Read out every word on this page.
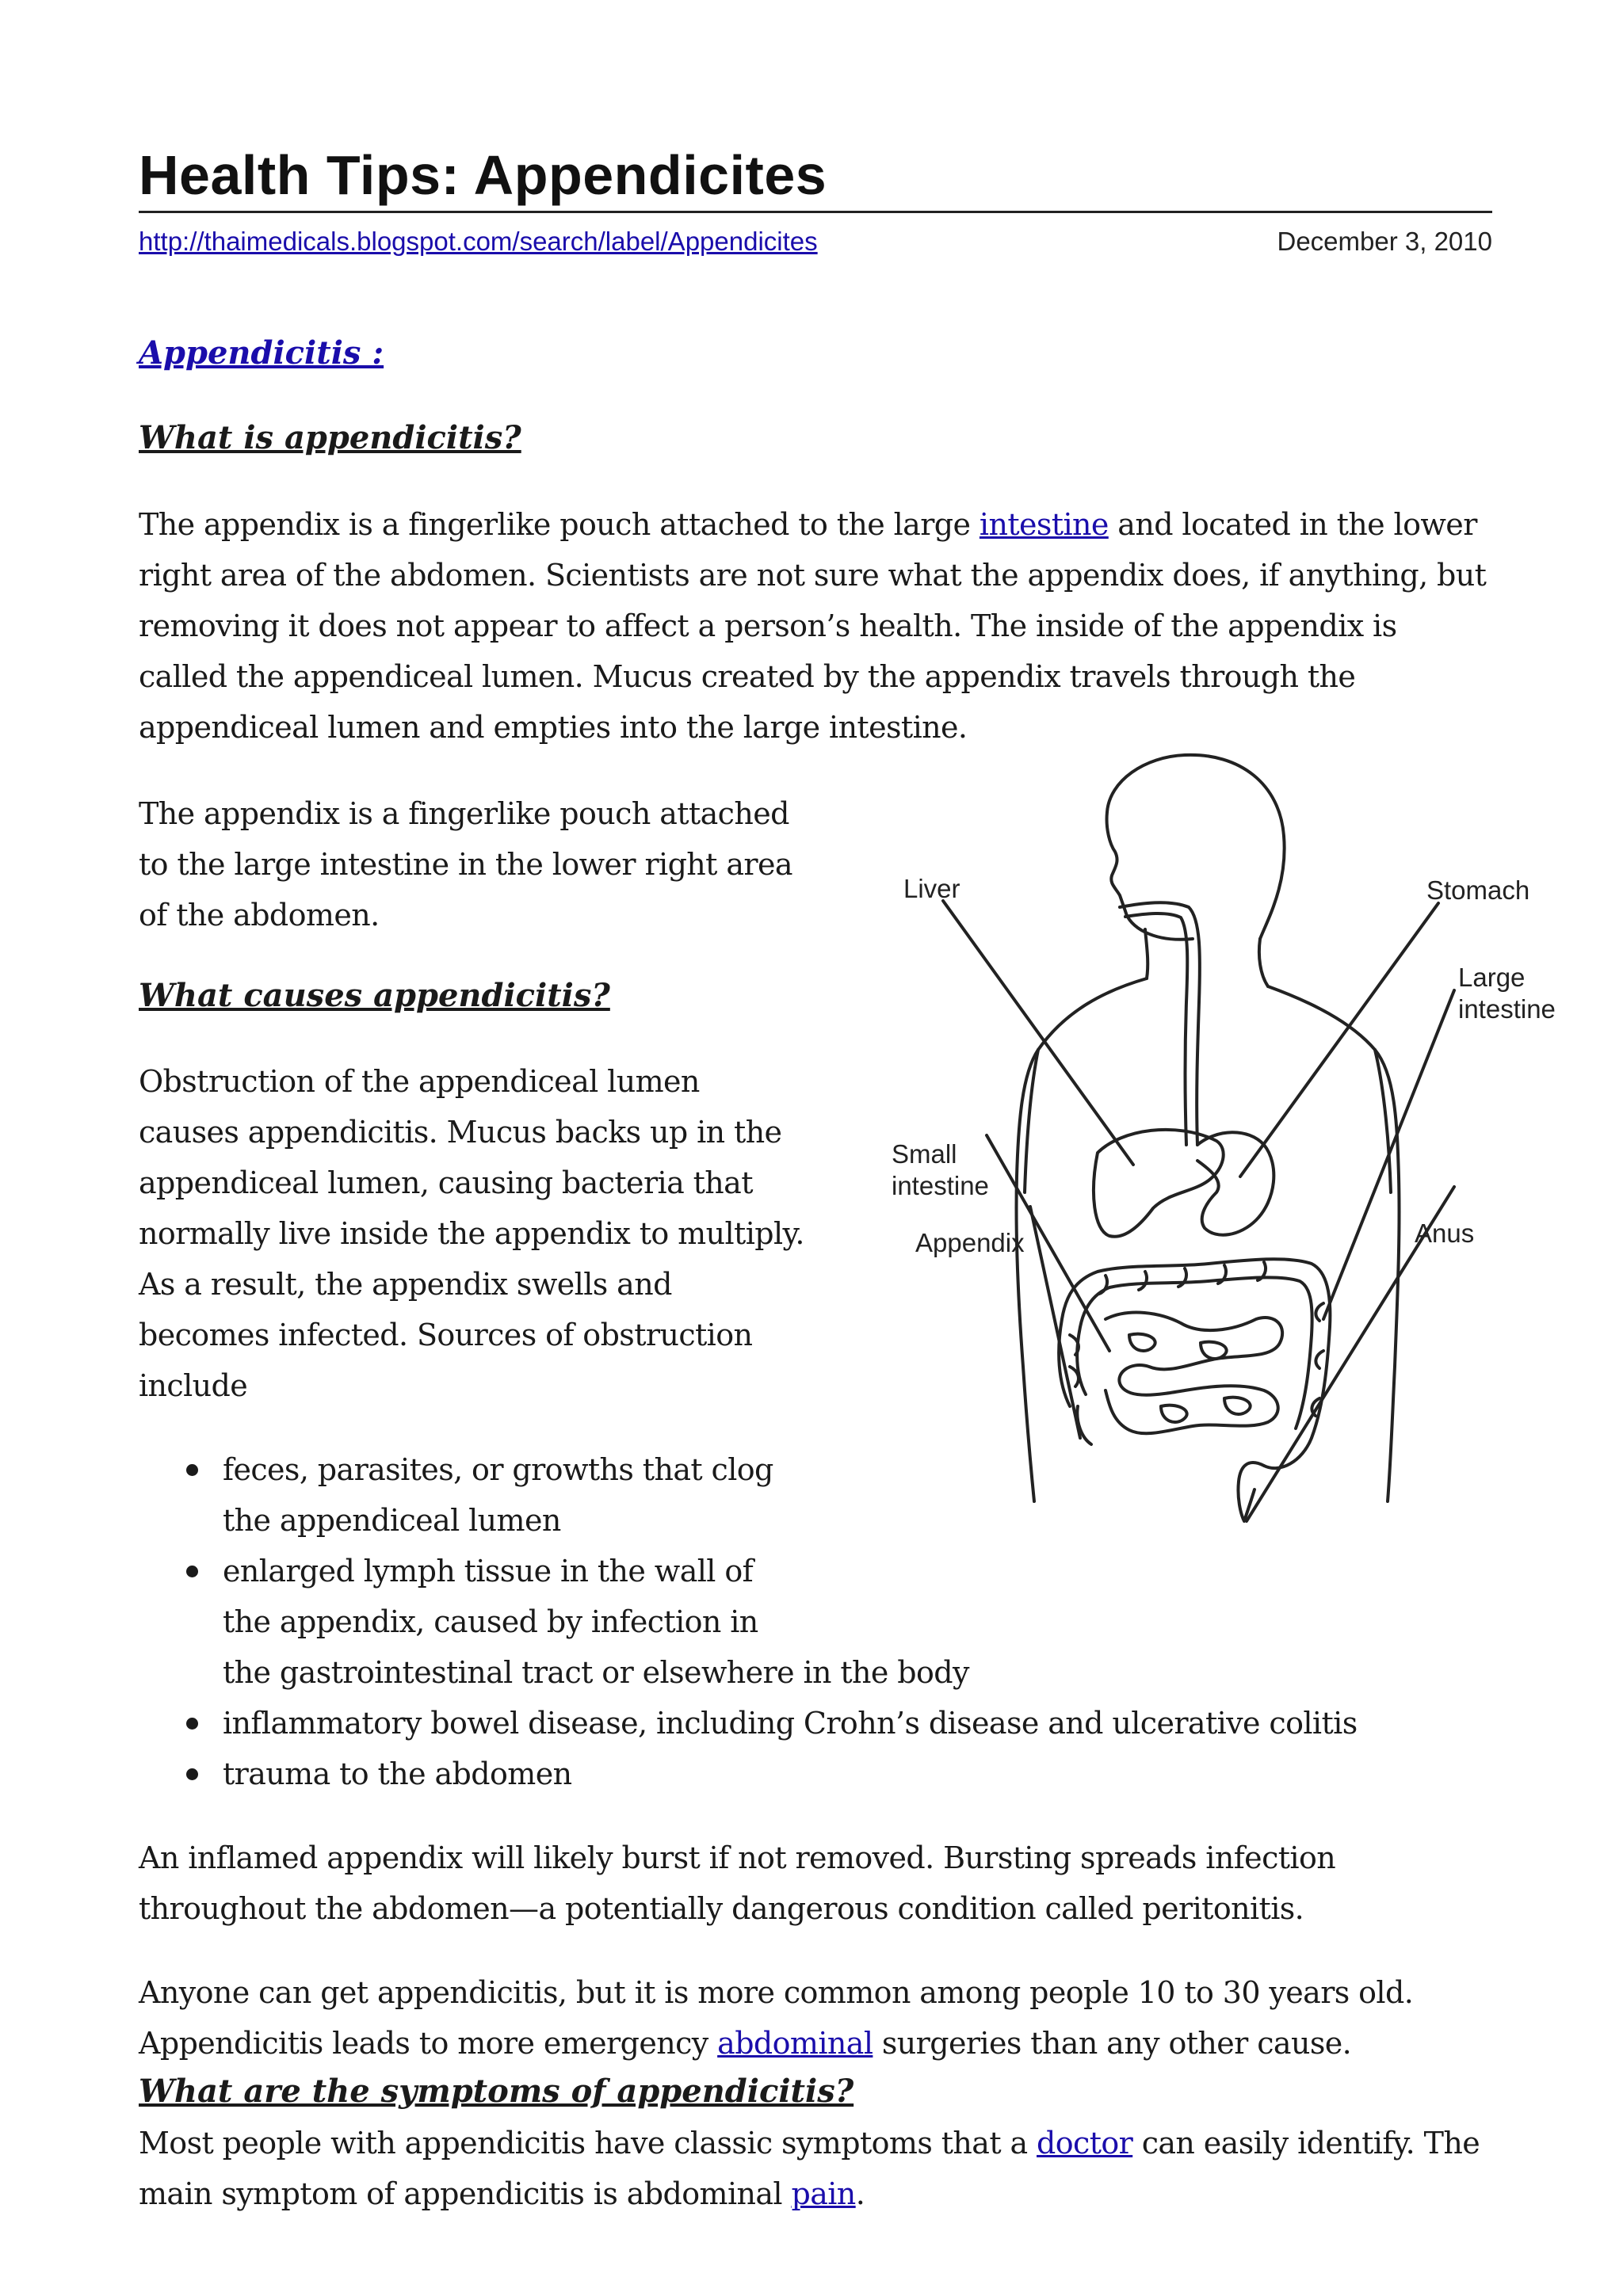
Health Tips: Appendicites
http://thaimedicals.blogspot.com/search/label/Appendicites	December 3, 2010
Appendicitis :
What is appendicitis?

The appendix is a fingerlike pouch attached to the large intestine and located in the lower right area of the abdomen. Scientists are not sure what the appendix does, if anything, but removing it does not appear to affect a person’s health. The inside of the appendix is called the appendiceal lumen. Mucus created by the appendix travels through the appendiceal lumen and empties into the large intestine.

The appendix is a fingerlike pouch attached to the large intestine in the lower right area of the abdomen.

What causes appendicitis?

Obstruction of the appendiceal lumen causes appendicitis. Mucus backs up in the appendiceal lumen, causing bacteria that normally live inside the appendix to multiply. As a result, the appendix swells and becomes infected. Sources of obstruction include

feces, parasites, or growths that clog
the appendiceal lumen
enlarged lymph tissue in the wall of
the appendix, caused by infection in
the gastrointestinal tract or elsewhere in the body
inflammatory bowel disease, including Crohn’s disease and ulcerative colitis
trauma to the abdomen

An inflamed appendix will likely burst if not removed. Bursting spreads infection throughout the abdomen—a potentially dangerous condition called peritonitis.

Anyone can get appendicitis, but it is more common among people 10 to 30 years old. Appendicitis leads to more emergency abdominal surgeries than any other cause.

What are the symptoms of appendicitis?

Most people with appendicitis have classic symptoms that a doctor can easily identify. The main symptom of appendicitis is abdominal pain.

Liver	Stomach
Large
intestine
Small
intestine
Appendix	Anus
